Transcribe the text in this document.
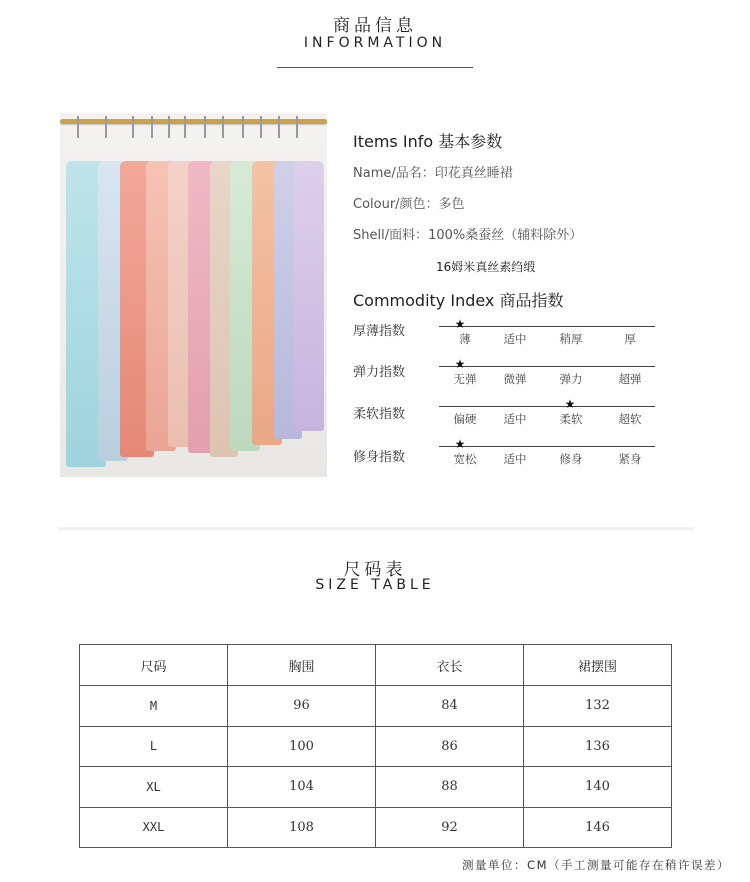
商品信息
INFORMATION
Items Info 基本参数
Name/品名：印花真丝睡裙
Colour/颜色：多色
Shell/面料：100%桑蚕丝（辅料除外）
16姆米真丝素绉缎
Commodity Index 商品指数
厚薄指数	薄	适中	稍厚	厚
★
弹力指数	无弹	微弹	弹力	超弹
★
柔软指数	偏硬	适中	柔软	超软
★
修身指数	宽松	适中	修身	紧身
★
尺码表
SIZE TABLE
尺码	胸围	衣长	裙摆围
M	96	84	132
L	100	86	136
XL	104	88	140
XXL	108	92	146
测量单位：CM（手工测量可能存在稍许误差）
